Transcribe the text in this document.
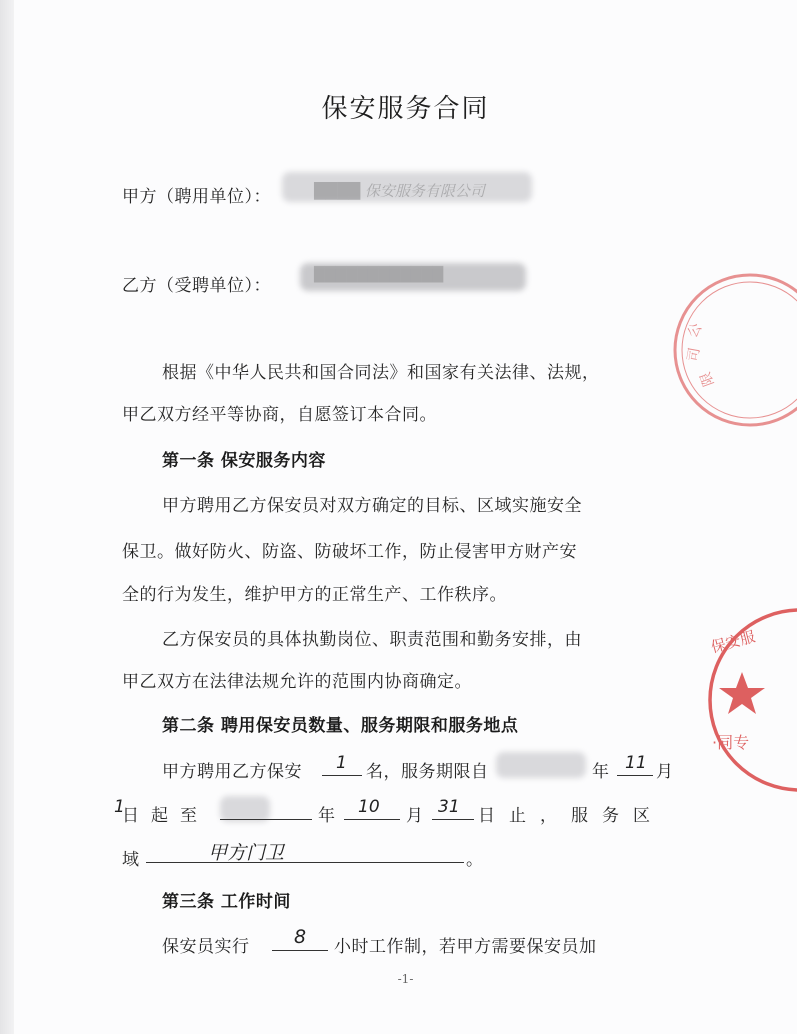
保安服务合同
甲方（聘用单位）：	████ 保安服务有限公司
乙方（受聘单位）：
████████████
根据《中华人民共和国合同法》和国家有关法律、法规，
甲乙双方经平等协商，自愿签订本合同。
第一条 保安服务内容
甲方聘用乙方保安员对双方确定的目标、区域实施安全
保卫。做好防火、防盗、防破坏工作，防止侵害甲方财产安
全的行为发生，维护甲方的正常生产、工作秩序。
乙方保安员的具体执勤岗位、职责范围和勤务安排，由
甲乙双方在法律法规允许的范围内协商确定。
第二条 聘用保安员数量、服务期限和服务地点
甲方聘用乙方保安 1 名，服务期限自	年 11 月
1
日起至	年 10 月 31 日止，服务区
域	甲方门卫	。
第三条 工作时间
保安员实行 8 小时工作制，若甲方需要保安员加
-1-
公
司
限
保安服
·同专
